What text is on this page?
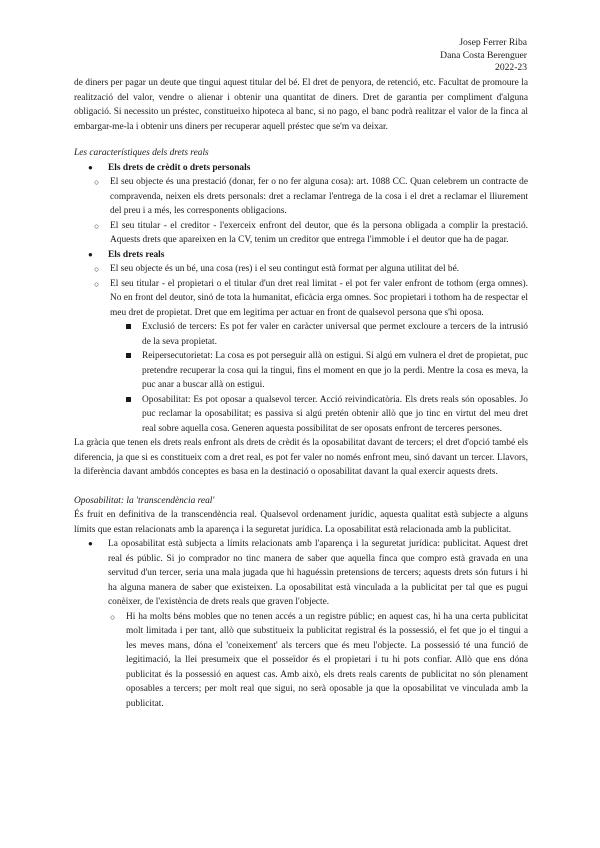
Josep Ferrer Riba
Dana Costa Berenguer
2022-23

de diners per pagar un deute que tingui aquest titular del bé. El dret de penyora, de retenció, etc. Facultat de promoure la realització del valor, vendre o alienar i obtenir una quantitat de diners. Dret de garantia per compliment d'alguna obligació. Si necessito un préstec, constitueixo hipoteca al banc, si no pago, el banc podrà realitzar el valor de la finca al embargar-me-la i obtenir uns diners per recuperar aquell préstec que se'm va deixar.

Les característiques dels drets reals

● Els drets de crèdit o drets personals
○ El seu objecte és una prestació (donar, fer o no fer alguna cosa): art. 1088 CC. Quan celebrem un contracte de compravenda, neixen els drets personals: dret a reclamar l'entrega de la cosa i el dret a reclamar el lliurement del preu i a més, les corresponents obligacions.
○ El seu titular - el creditor - l'exerceix enfront del deutor, que és la persona obligada a complir la prestació. Aquests drets que apareixen en la CV, tenim un creditor que entrega l'immoble i el deutor que ha de pagar.
● Els drets reals
○ El seu objecte és un bé, una cosa (res) i el seu contingut està format per alguna utilitat del bé.
○ El seu titular - el propietari o el titular d'un dret real limitat - el pot fer valer enfront de tothom (erga omnes). No en front del deutor, sinó de tota la humanitat, eficàcia erga omnes. Soc propietari i tothom ha de respectar el meu dret de propietat. Dret que em legitima per actuar en front de qualsevol persona que s'hi oposa.
Exclusió de tercers: Es pot fer valer en caràcter universal que permet excloure a tercers de la intrusió de la seva propietat.
Reipersecutorietat: La cosa es pot perseguir allà on estigui. Si algú em vulnera el dret de propietat, puc pretendre recuperar la cosa qui la tingui, fins el moment en que jo la perdi. Mentre la cosa es meva, la puc anar a buscar allà on estigui.
Oposabilitat: Es pot oposar a qualsevol tercer. Acció reivindicatòria. Els drets reals són oposables. Jo puc reclamar la oposabilitat; es passiva si algú pretén obtenir allò que jo tinc en virtut del meu dret real sobre aquella cosa. Generen aquesta possibilitat de ser oposats enfront de terceres persones.

La gràcia que tenen els drets reals enfront als drets de crèdit és la oposabilitat davant de tercers; el dret d'opció també els diferencia, ja que si es constitueix com a dret real, es pot fer valer no només enfront meu, sinó davant un tercer. Llavors, la diferència davant ambdós conceptes es basa en la destinació o oposabilitat davant la qual exercir aquests drets.

Oposabilitat: la 'transcendència real'

És fruit en definitiva de la transcendència real. Qualsevol ordenament jurídic, aquesta qualitat està subjecte a alguns límits que estan relacionats amb la aparença i la seguretat jurídica. La oposabilitat està relacionada amb la publicitat.

● La oposabilitat està subjecta a límits relacionats amb l'aparença i la seguretat jurídica: publicitat. Aquest dret real és públic. Si jo comprador no tinc manera de saber que aquella finca que compro està gravada en una servitud d'un tercer, seria una mala jugada que hi haguéssin pretensions de tercers; aquests drets són futurs i hi ha alguna manera de saber que existeixen. La oposabilitat està vinculada a la publicitat per tal que es pugui conèixer, de l'existència de drets reals que graven l'objecte.
○ Hi ha molts béns mobles que no tenen accés a un registre públic; en aquest cas, hi ha una certa publicitat molt limitada i per tant, allò que substitueix la publicitat registral és la possessió, el fet que jo el tingui a les meves mans, dóna el 'coneixement' als tercers que és meu l'objecte. La possessió té una funció de legitimació, la llei presumeix que el posseïdor és el propietari i tu hi pots confiar. Allò que ens dóna publicitat és la possessió en aquest cas. Amb això, els drets reals carents de publicitat no són plenament oposables a tercers; per molt real que sigui, no serà oposable ja que la oposabilitat ve vinculada amb la publicitat.
